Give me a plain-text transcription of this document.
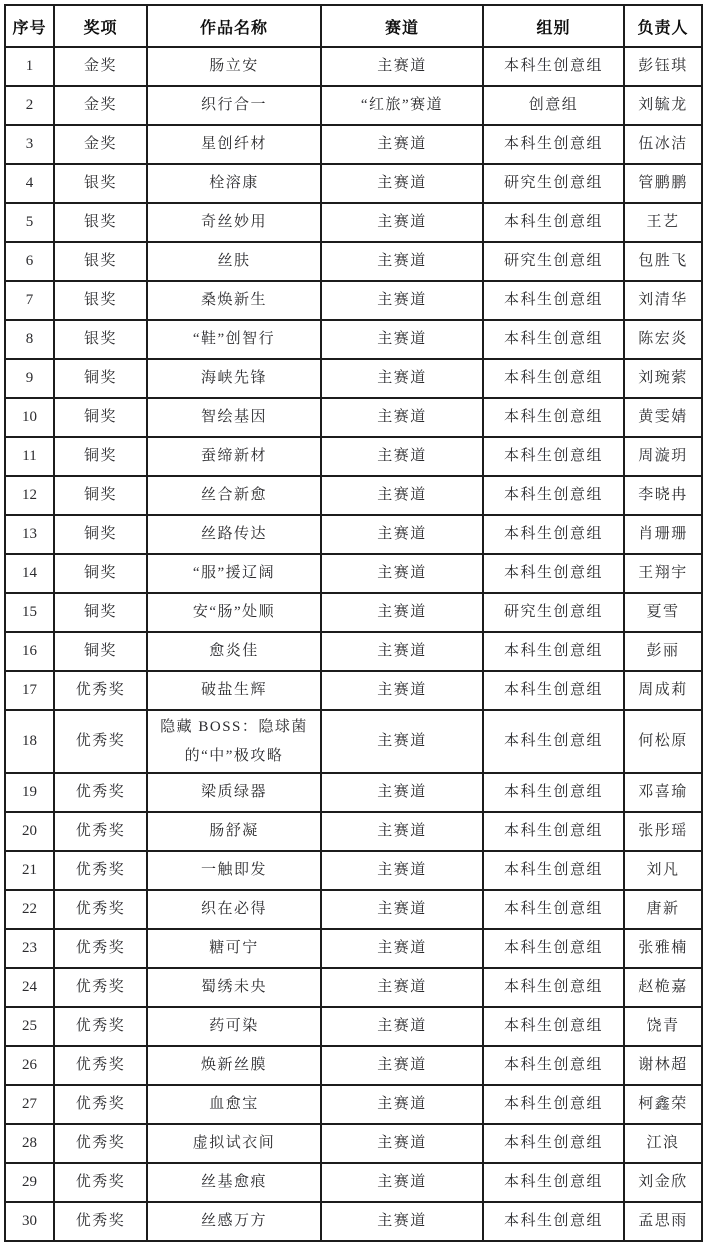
序号	奖项	作品名称	赛道	组别	负责人
1	金奖	肠立安	主赛道	本科生创意组	彭钰琪
2	金奖	织行合一	“红旅”赛道	创意组	刘毓龙
3	金奖	星创纤材	主赛道	本科生创意组	伍冰洁
4	银奖	栓溶康	主赛道	研究生创意组	管鹏鹏
5	银奖	奇丝妙用	主赛道	本科生创意组	王艺
6	银奖	丝肤	主赛道	研究生创意组	包胜飞
7	银奖	桑焕新生	主赛道	本科生创意组	刘清华
8	银奖	“鞋”创智行	主赛道	本科生创意组	陈宏炎
9	铜奖	海峡先锋	主赛道	本科生创意组	刘琬萦
10	铜奖	智绘基因	主赛道	本科生创意组	黄雯婧
11	铜奖	蚕缔新材	主赛道	本科生创意组	周漩玥
12	铜奖	丝合新愈	主赛道	本科生创意组	李晓冉
13	铜奖	丝路传达	主赛道	本科生创意组	肖珊珊
14	铜奖	“服”援辽阔	主赛道	本科生创意组	王翔宇
15	铜奖	安“肠”处顺	主赛道	研究生创意组	夏雪
16	铜奖	愈炎佳	主赛道	本科生创意组	彭丽
17	优秀奖	破盐生辉	主赛道	本科生创意组	周成莉
18	优秀奖	隐藏 BOSS：隐球菌的“中”极攻略	主赛道	本科生创意组	何松原
19	优秀奖	梁质绿器	主赛道	本科生创意组	邓喜瑜
20	优秀奖	肠舒凝	主赛道	本科生创意组	张彤瑶
21	优秀奖	一触即发	主赛道	本科生创意组	刘凡
22	优秀奖	织在必得	主赛道	本科生创意组	唐新
23	优秀奖	糖可宁	主赛道	本科生创意组	张雅楠
24	优秀奖	蜀绣未央	主赛道	本科生创意组	赵桅嘉
25	优秀奖	药可染	主赛道	本科生创意组	饶青
26	优秀奖	焕新丝膜	主赛道	本科生创意组	谢林超
27	优秀奖	血愈宝	主赛道	本科生创意组	柯鑫荣
28	优秀奖	虚拟试衣间	主赛道	本科生创意组	江浪
29	优秀奖	丝基愈痕	主赛道	本科生创意组	刘金欣
30	优秀奖	丝感万方	主赛道	本科生创意组	孟思雨
